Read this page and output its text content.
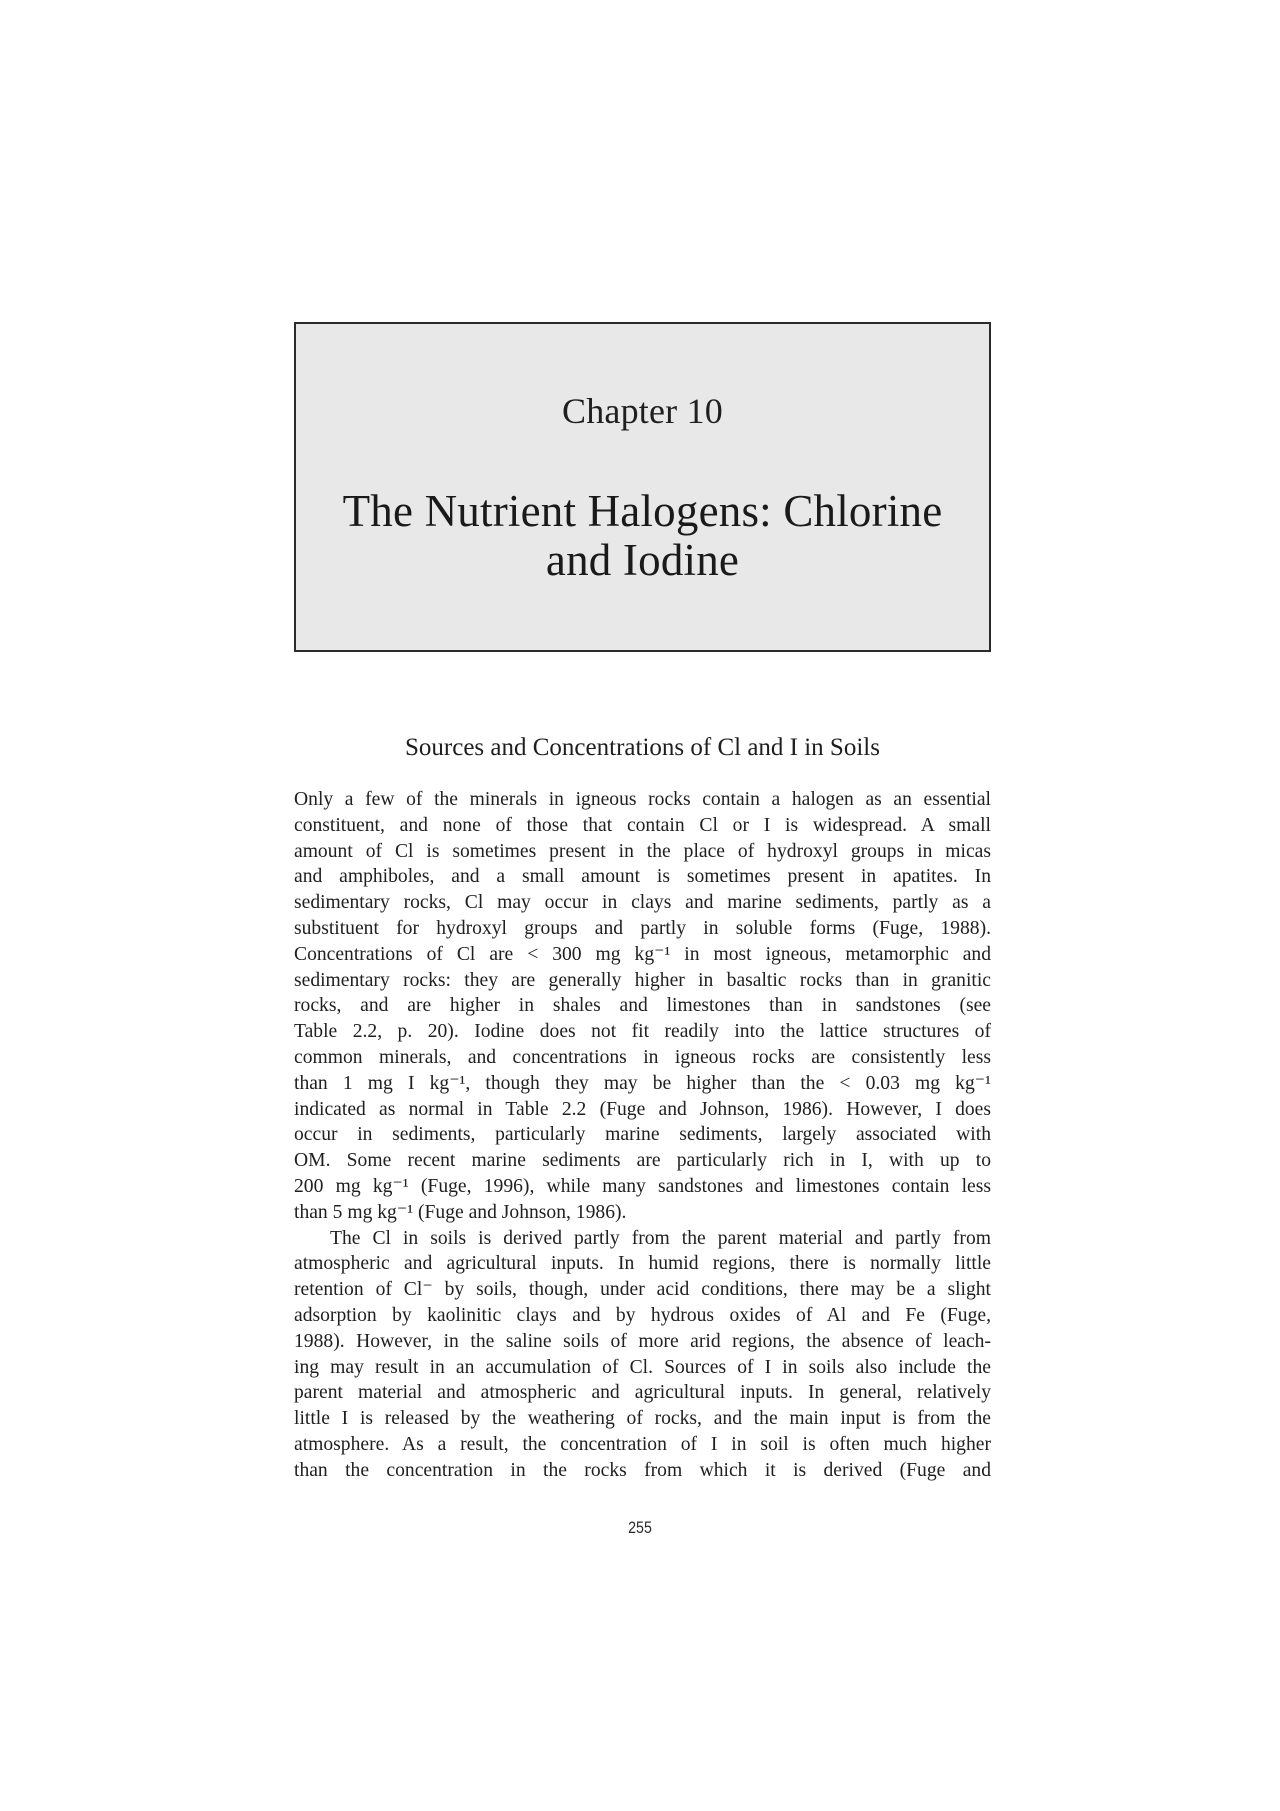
Chapter 10
The Nutrient Halogens: Chlorine
and Iodine
Sources and Concentrations of Cl and I in Soils

Only a few of the minerals in igneous rocks contain a halogen as an essential
constituent, and none of those that contain Cl or I is widespread. A small
amount of Cl is sometimes present in the place of hydroxyl groups in micas
and amphiboles, and a small amount is sometimes present in apatites. In
sedimentary rocks, Cl may occur in clays and marine sediments, partly as a
substituent for hydroxyl groups and partly in soluble forms (Fuge, 1988).
Concentrations of Cl are < 300 mg kg⁻¹ in most igneous, metamorphic and
sedimentary rocks: they are generally higher in basaltic rocks than in granitic
rocks, and are higher in shales and limestones than in sandstones (see
Table 2.2, p. 20). Iodine does not fit readily into the lattice structures of
common minerals, and concentrations in igneous rocks are consistently less
than 1 mg I kg⁻¹, though they may be higher than the < 0.03 mg kg⁻¹
indicated as normal in Table 2.2 (Fuge and Johnson, 1986). However, I does
occur in sediments, particularly marine sediments, largely associated with
OM. Some recent marine sediments are particularly rich in I, with up to
200 mg kg⁻¹ (Fuge, 1996), while many sandstones and limestones contain less
than 5 mg kg⁻¹ (Fuge and Johnson, 1986).

The Cl in soils is derived partly from the parent material and partly from
atmospheric and agricultural inputs. In humid regions, there is normally little
retention of Cl⁻ by soils, though, under acid conditions, there may be a slight
adsorption by kaolinitic clays and by hydrous oxides of Al and Fe (Fuge,
1988). However, in the saline soils of more arid regions, the absence of leach-
ing may result in an accumulation of Cl. Sources of I in soils also include the
parent material and atmospheric and agricultural inputs. In general, relatively
little I is released by the weathering of rocks, and the main input is from the
atmosphere. As a result, the concentration of I in soil is often much higher
than the concentration in the rocks from which it is derived (Fuge and

255
